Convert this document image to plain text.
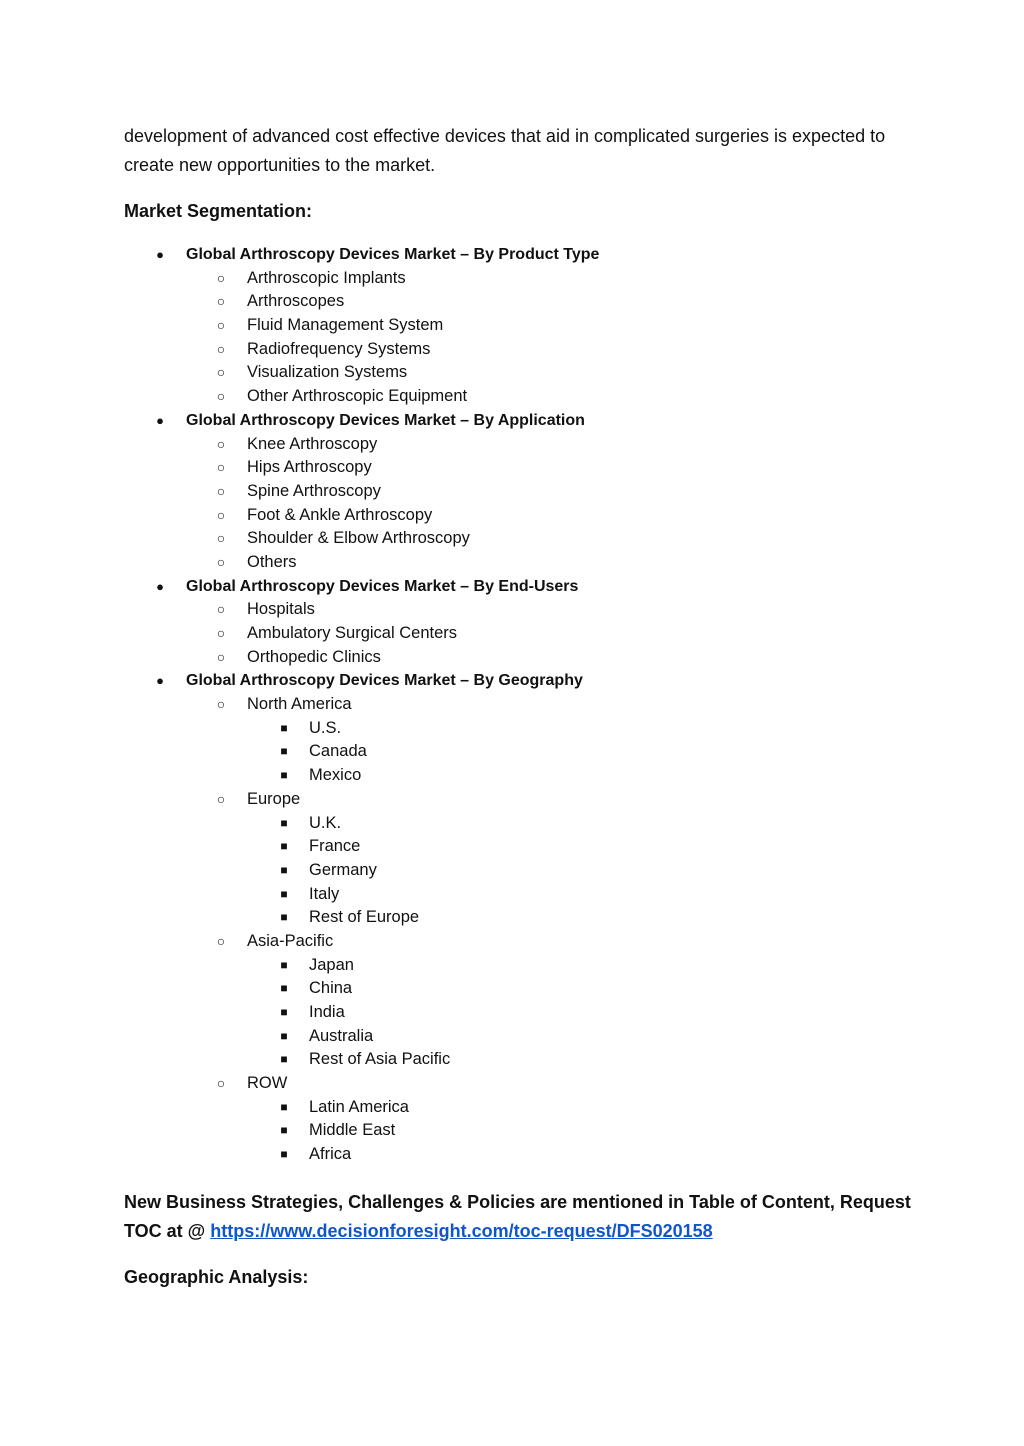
development of advanced cost effective devices that aid in complicated surgeries is expected to create new opportunities to the market.

Market Segmentation:

●	Global Arthroscopy Devices Market – By Product Type
○	Arthroscopic Implants
○	Arthroscopes
○	Fluid Management System
○	Radiofrequency Systems
○	Visualization Systems
○	Other Arthroscopic Equipment
●	Global Arthroscopy Devices Market – By Application
○	Knee Arthroscopy
○	Hips Arthroscopy
○	Spine Arthroscopy
○	Foot & Ankle Arthroscopy
○	Shoulder & Elbow Arthroscopy
○	Others
●	Global Arthroscopy Devices Market – By End-Users
○	Hospitals
○	Ambulatory Surgical Centers
○	Orthopedic Clinics
●	Global Arthroscopy Devices Market – By Geography
○	North America
■	U.S.
■	Canada
■	Mexico
○	Europe
■	U.K.
■	France
■	Germany
■	Italy
■	Rest of Europe
○	Asia-Pacific
■	Japan
■	China
■	India
■	Australia
■	Rest of Asia Pacific
○	ROW
■	Latin America
■	Middle East
■	Africa

New Business Strategies, Challenges & Policies are mentioned in Table of Content, Request TOC at @ https://www.decisionforesight.com/toc-request/DFS020158

Geographic Analysis:
